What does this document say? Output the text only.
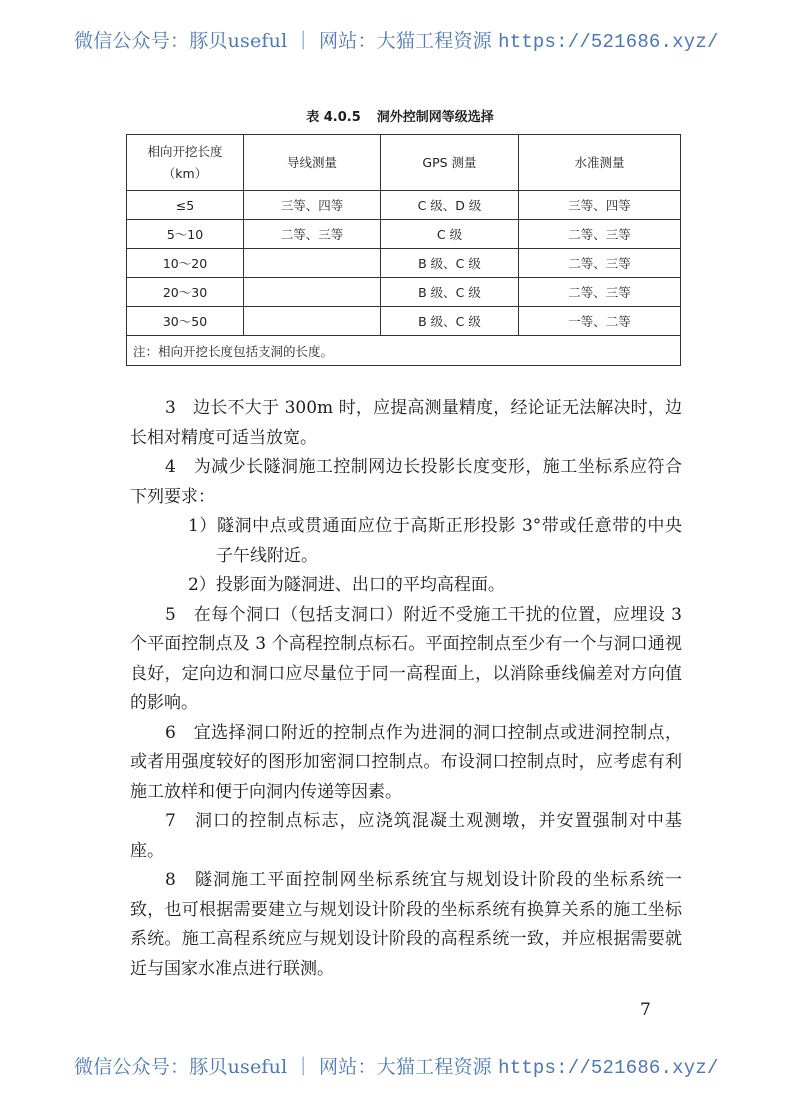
微信公众号：豚贝useful ｜ 网站：大猫工程资源 https://521686.xyz/
表 4.0.5 洞外控制网等级选择
相向开挖长度
（km）	导线测量	GPS 测量	水准测量
≤5	三等、四等	C 级、D 级	三等、四等
5～10	二等、三等	C 级	二等、三等
10～20		B 级、C 级	二等、三等
20～30		B 级、C 级	二等、三等
30～50		B 级、C 级	一等、二等
注：相向开挖长度包括支洞的长度。			

3　边长不大于 300m 时，应提高测量精度，经论证无法解决时，边长相对精度可适当放宽。

4　为减少长隧洞施工控制网边长投影长度变形，施工坐标系应符合下列要求：

1）隧洞中点或贯通面应位于高斯正形投影 3°带或任意带的中央子午线附近。

2）投影面为隧洞进、出口的平均高程面。

5　在每个洞口（包括支洞口）附近不受施工干扰的位置，应埋设 3 个平面控制点及 3 个高程控制点标石。平面控制点至少有一个与洞口通视良好，定向边和洞口应尽量位于同一高程面上，以消除垂线偏差对方向值的影响。

6　宜选择洞口附近的控制点作为进洞的洞口控制点或进洞控制点，或者用强度较好的图形加密洞口控制点。布设洞口控制点时，应考虑有利施工放样和便于向洞内传递等因素。

7　洞口的控制点标志，应浇筑混凝土观测墩，并安置强制对中基座。

8　隧洞施工平面控制网坐标系统宜与规划设计阶段的坐标系统一致，也可根据需要建立与规划设计阶段的坐标系统有换算关系的施工坐标系统。施工高程系统应与规划设计阶段的高程系统一致，并应根据需要就近与国家水准点进行联测。

7
微信公众号：豚贝useful ｜ 网站：大猫工程资源 https://521686.xyz/
